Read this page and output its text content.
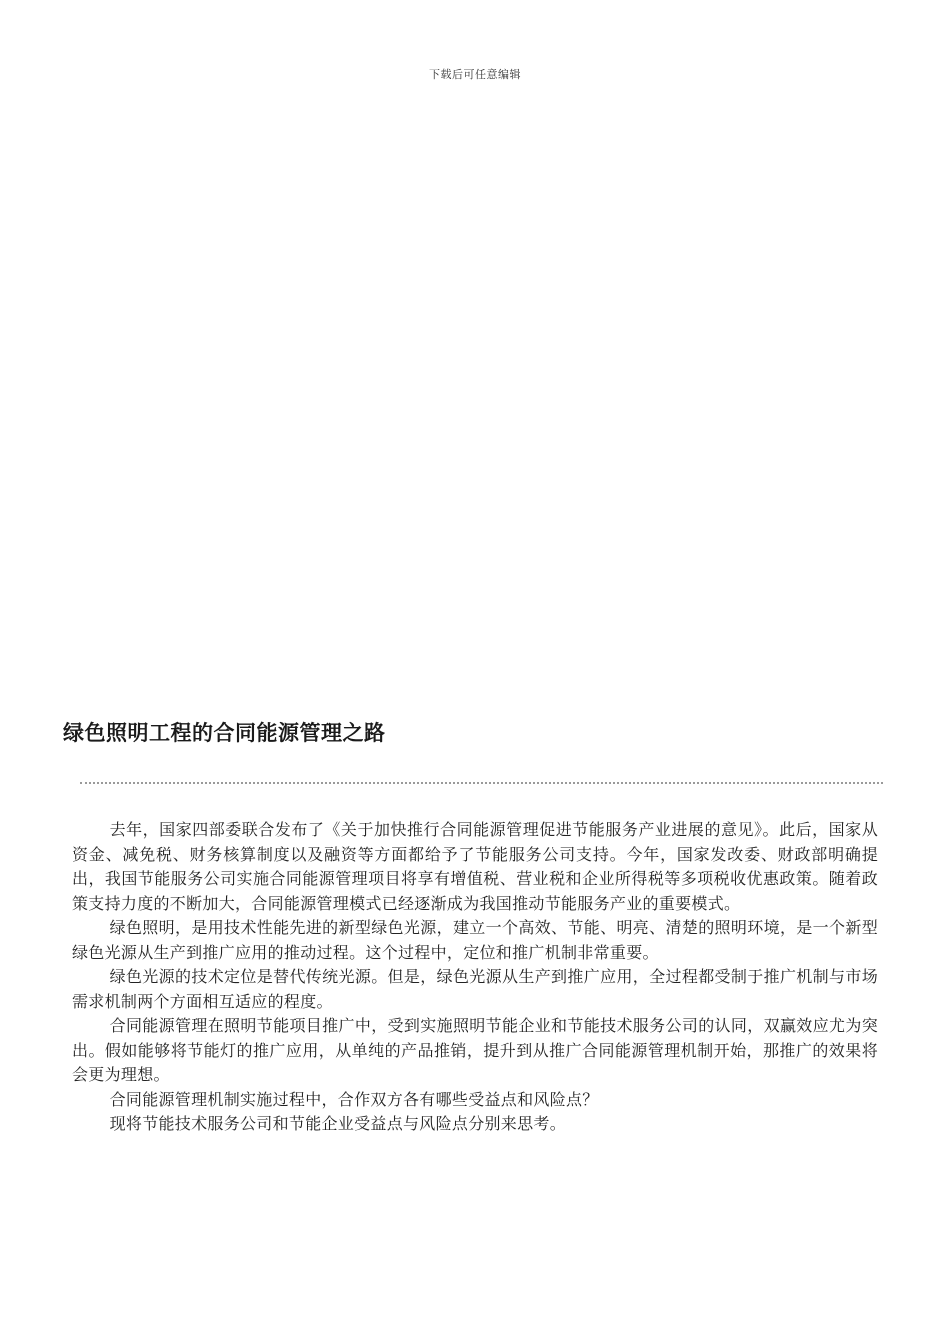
下载后可任意编辑
绿色照明工程的合同能源管理之路

去年，国家四部委联合发布了《关于加快推行合同能源管理促进节能服务产业进展的意见》。此后，国家从资金、减免税、财务核算制度以及融资等方面都给予了节能服务公司支持。今年，国家发改委、财政部明确提出，我国节能服务公司实施合同能源管理项目将享有增值税、营业税和企业所得税等多项税收优惠政策。随着政策支持力度的不断加大，合同能源管理模式已经逐渐成为我国推动节能服务产业的重要模式。

绿色照明，是用技术性能先进的新型绿色光源，建立一个高效、节能、明亮、清楚的照明环境，是一个新型绿色光源从生产到推广应用的推动过程。这个过程中，定位和推广机制非常重要。

绿色光源的技术定位是替代传统光源。但是，绿色光源从生产到推广应用，全过程都受制于推广机制与市场需求机制两个方面相互适应的程度。

合同能源管理在照明节能项目推广中，受到实施照明节能企业和节能技术服务公司的认同，双赢效应尤为突出。假如能够将节能灯的推广应用，从单纯的产品推销，提升到从推广合同能源管理机制开始，那推广的效果将会更为理想。

合同能源管理机制实施过程中，合作双方各有哪些受益点和风险点？

现将节能技术服务公司和节能企业受益点与风险点分别来思考。
